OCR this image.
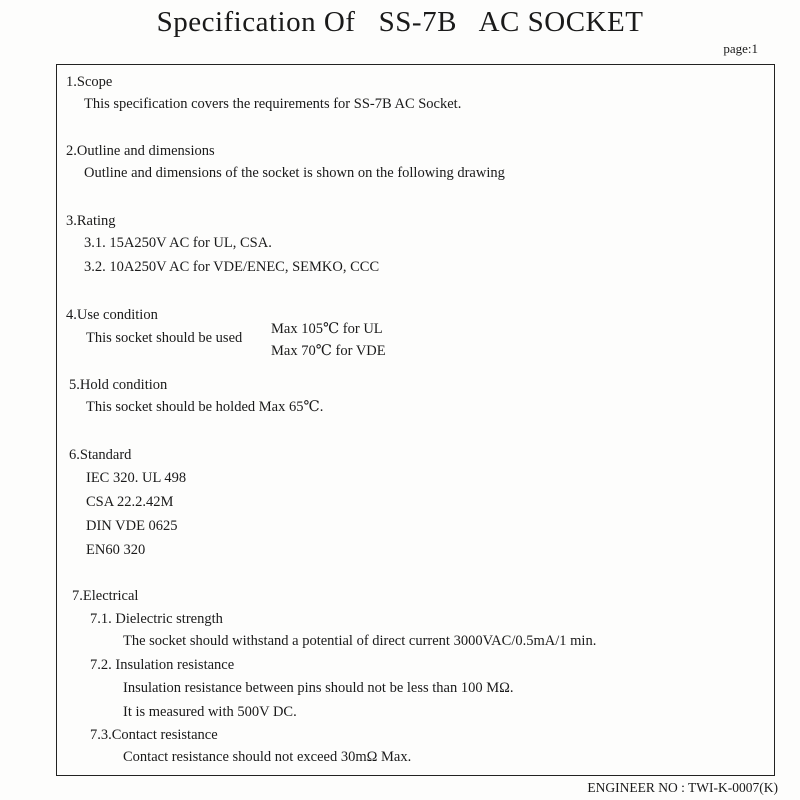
Specification Of   SS-7B   AC SOCKET
page:1
1.Scope
This specification covers the requirements for SS-7B AC Socket.
2.Outline and dimensions
Outline and dimensions of the socket is shown on the following drawing
3.Rating
3.1. 15A250V AC for UL, CSA.
3.2. 10A250V AC for VDE/ENEC, SEMKO, CCC
4.Use condition
This socket should be used
Max 105℃ for UL
Max 70℃ for VDE
5.Hold condition
This socket should be holded Max 65℃.
6.Standard
IEC 320. UL 498
CSA 22.2.42M
DIN VDE 0625
EN60 320
7.Electrical
7.1. Dielectric strength
The socket should withstand a potential of direct current 3000VAC/0.5mA/1 min.
7.2. Insulation resistance
Insulation resistance between pins should not be less than 100 MΩ.
It is measured with 500V DC.
7.3.Contact resistance
Contact resistance should not exceed 30mΩ Max.
ENGINEER NO : TWI-K-0007(K)
